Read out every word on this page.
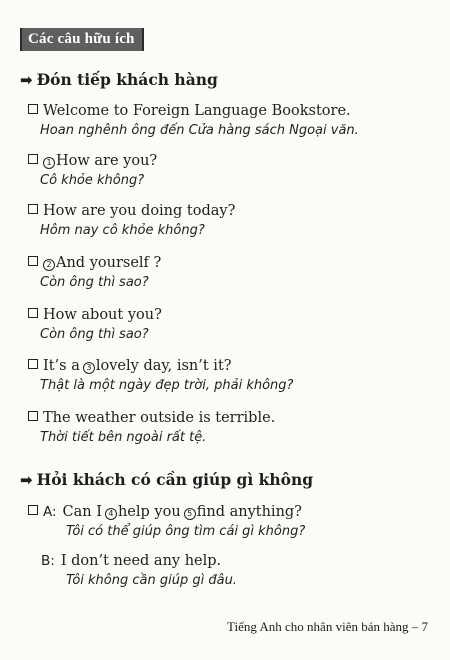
Các câu hữu ích
➡ Đón tiếp khách hàng
Welcome to Foreign Language Bookstore.
Hoan nghênh ông đến Cửa hàng sách Ngoại văn.
1 How are you?
Cô khỏe không?
How are you doing today?
Hôm nay cô khỏe không?
2 And yourself ?
Còn ông thì sao?
How about you?
Còn ông thì sao?
It’s a 3 lovely day, isn’t it?
Thật là một ngày đẹp trời, phải không?
The weather outside is terrible.
Thời tiết bên ngoài rất tệ.
➡ Hỏi khách có cần giúp gì không
A: Can I 4 help you 5 find anything?
Tôi có thể giúp ông tìm cái gì không?
B: I don’t need any help.
Tôi không cần giúp gì đâu.
Tiếng Anh cho nhân viên bán hàng – 7
